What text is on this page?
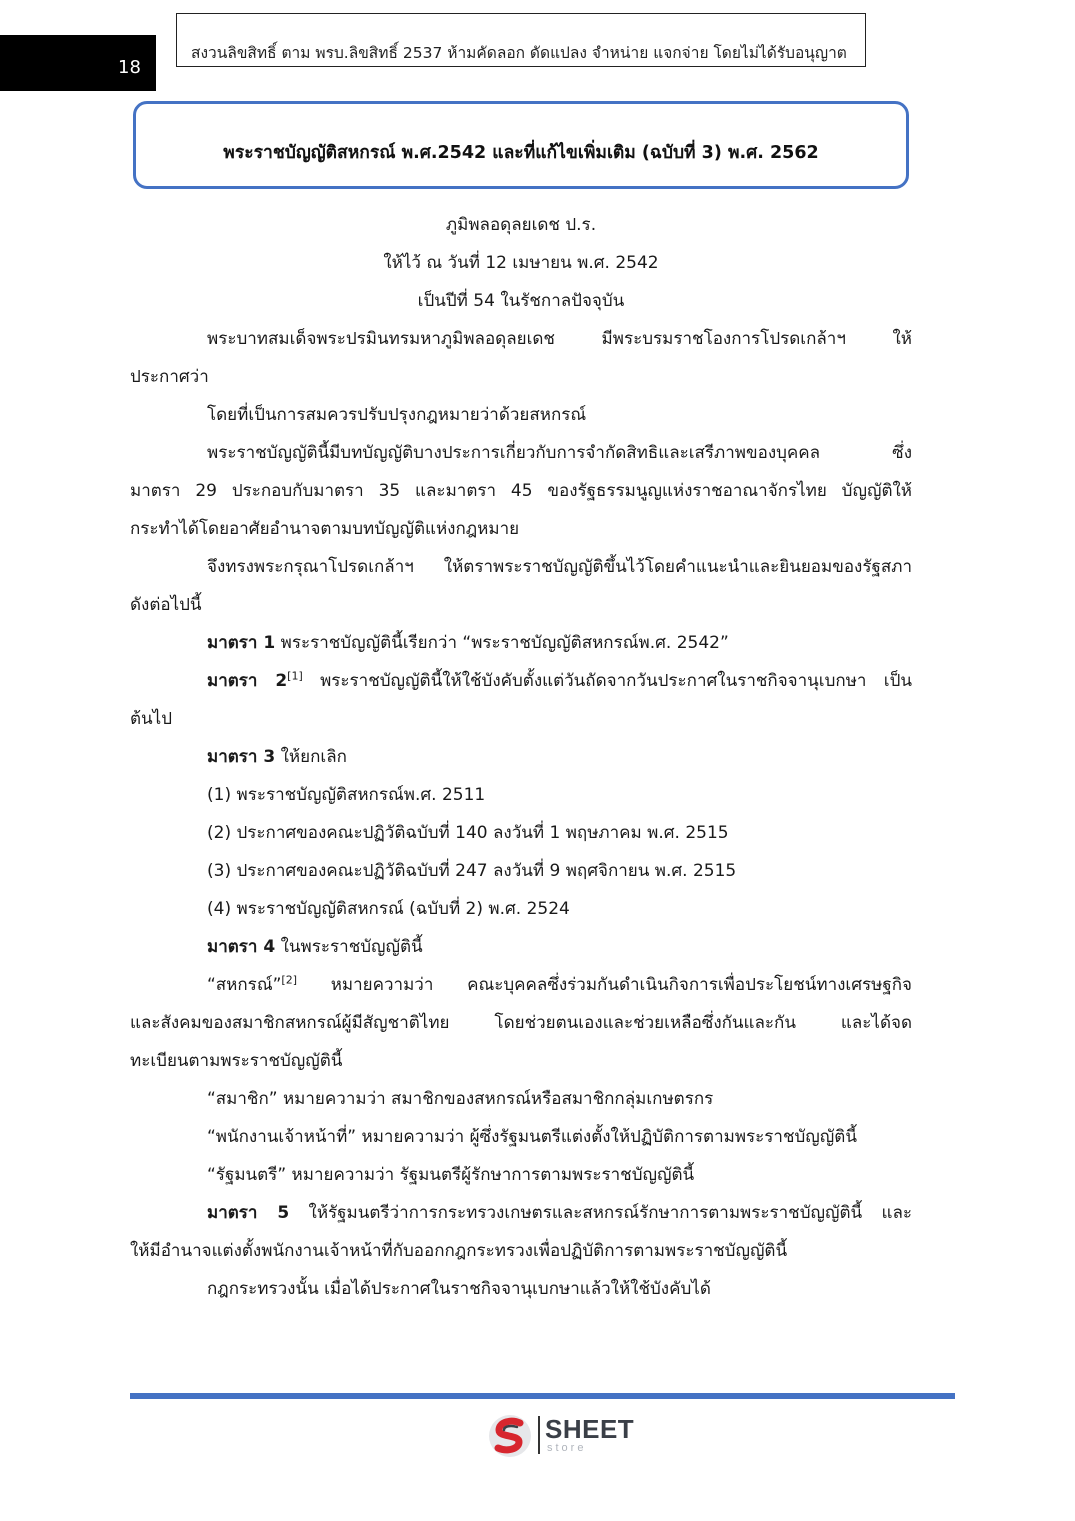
18
สงวนลิขสิทธิ์ ตาม พรบ.ลิขสิทธิ์ 2537 ห้ามคัดลอก ดัดแปลง จำหน่าย แจกจ่าย โดยไม่ได้รับอนุญาต
พระราชบัญญัติสหกรณ์ พ.ศ.2542 และที่แก้ไขเพิ่มเติม (ฉบับที่ 3) พ.ศ. 2562
ภูมิพลอดุลยเดช ป.ร.
ให้ไว้ ณ วันที่ 12 เมษายน พ.ศ. 2542
เป็นปีที่ 54 ในรัชกาลปัจจุบัน
พระบาทสมเด็จพระปรมินทรมหาภูมิพลอดุลยเดช มีพระบรมราชโองการโปรดเกล้าฯ ให้
ประกาศว่า
โดยที่เป็นการสมควรปรับปรุงกฎหมายว่าด้วยสหกรณ์
พระราชบัญญัตินี้มีบทบัญญัติบางประการเกี่ยวกับการจำกัดสิทธิและเสรีภาพของบุคคล ซึ่ง
มาตรา 29 ประกอบกับมาตรา 35 และมาตรา 45 ของรัฐธรรมนูญแห่งราชอาณาจักรไทย บัญญัติให้
กระทำได้โดยอาศัยอำนาจตามบทบัญญัติแห่งกฎหมาย
จึงทรงพระกรุณาโปรดเกล้าฯ ให้ตราพระราชบัญญัติขึ้นไว้โดยคำแนะนำและยินยอมของรัฐสภา
ดังต่อไปนี้
มาตรา 1 พระราชบัญญัตินี้เรียกว่า “พระราชบัญญัติสหกรณ์พ.ศ. 2542”
มาตรา 2[1] พระราชบัญญัตินี้ให้ใช้บังคับตั้งแต่วันถัดจากวันประกาศในราชกิจจานุเบกษา เป็น
ต้นไป
มาตรา 3 ให้ยกเลิก
(1) พระราชบัญญัติสหกรณ์พ.ศ. 2511
(2) ประกาศของคณะปฏิวัติฉบับที่ 140 ลงวันที่ 1 พฤษภาคม พ.ศ. 2515
(3) ประกาศของคณะปฏิวัติฉบับที่ 247 ลงวันที่ 9 พฤศจิกายน พ.ศ. 2515
(4) พระราชบัญญัติสหกรณ์ (ฉบับที่ 2) พ.ศ. 2524
มาตรา 4 ในพระราชบัญญัตินี้
“สหกรณ์”[2] หมายความว่า คณะบุคคลซึ่งร่วมกันดำเนินกิจการเพื่อประโยชน์ทางเศรษฐกิจ
และสังคมของสมาชิกสหกรณ์ผู้มีสัญชาติไทย โดยช่วยตนเองและช่วยเหลือซึ่งกันและกัน และได้จด
ทะเบียนตามพระราชบัญญัตินี้
“สมาชิก” หมายความว่า สมาชิกของสหกรณ์หรือสมาชิกกลุ่มเกษตรกร
“พนักงานเจ้าหน้าที่” หมายความว่า ผู้ซึ่งรัฐมนตรีแต่งตั้งให้ปฏิบัติการตามพระราชบัญญัตินี้
“รัฐมนตรี” หมายความว่า รัฐมนตรีผู้รักษาการตามพระราชบัญญัตินี้
มาตรา 5 ให้รัฐมนตรีว่าการกระทรวงเกษตรและสหกรณ์รักษาการตามพระราชบัญญัตินี้ และ
ให้มีอำนาจแต่งตั้งพนักงานเจ้าหน้าที่กับออกกฎกระทรวงเพื่อปฏิบัติการตามพระราชบัญญัตินี้
กฎกระทรวงนั้น เมื่อได้ประกาศในราชกิจจานุเบกษาแล้วให้ใช้บังคับได้
SHEET
store
